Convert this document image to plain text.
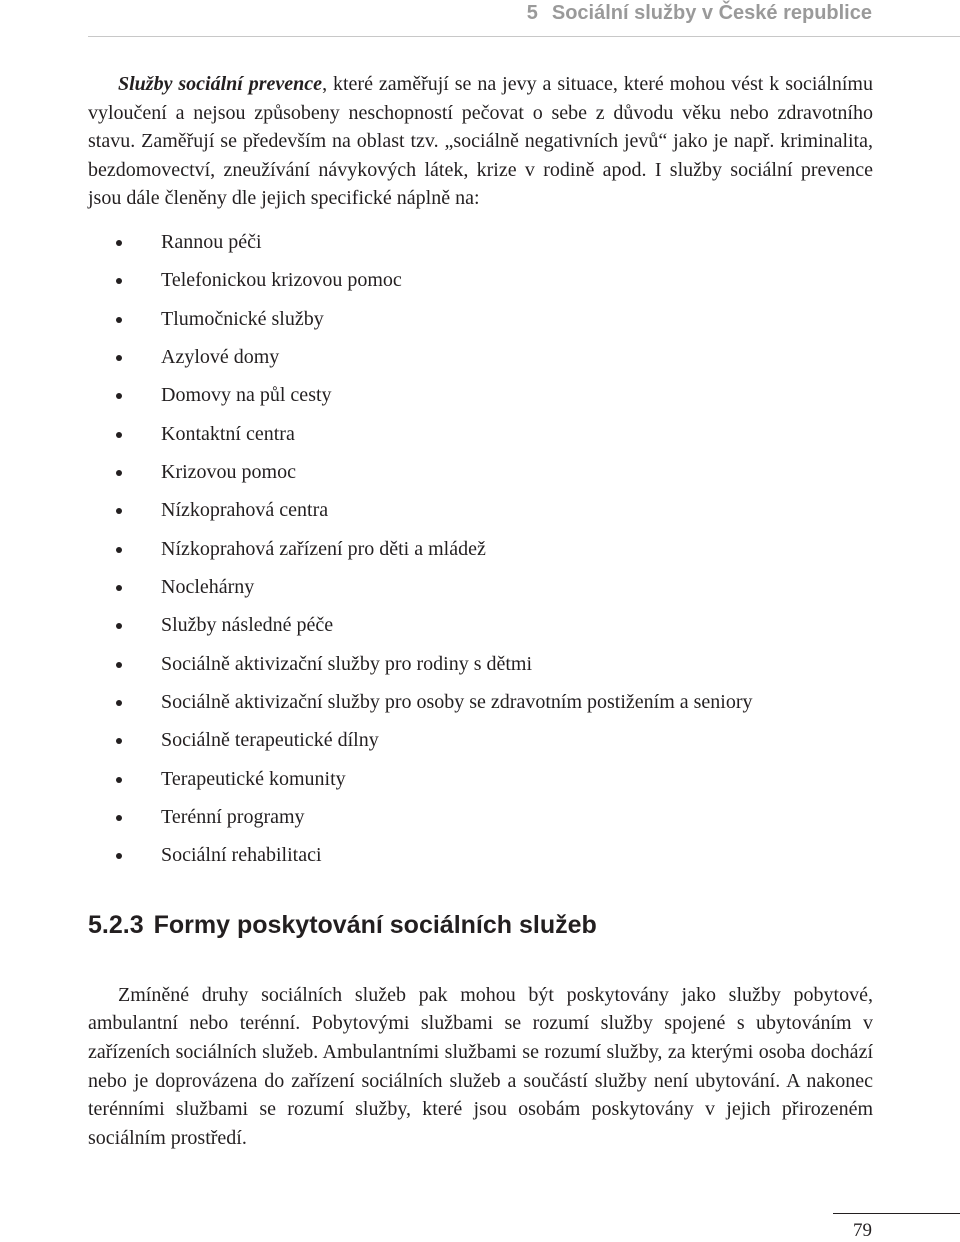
5 Sociální služby v České republice

Služby sociální prevence, které zaměřují se na jevy a situace, které mohou vést k sociálnímu vyloučení a nejsou způsobeny neschopností pečovat o sebe z důvodu věku nebo zdravotního stavu. Zaměřují se především na oblast tzv. „sociálně negativních jevů“ jako je např. kriminalita, bezdomovectví, zneužívání návykových látek, krize v rodině apod. I služby sociální prevence jsou dále členěny dle jejich specifické náplně na:

Rannou péči
Telefonickou krizovou pomoc
Tlumočnické služby
Azylové domy
Domovy na půl cesty
Kontaktní centra
Krizovou pomoc
Nízkoprahová centra
Nízkoprahová zařízení pro děti a mládež
Noclehárny
Služby následné péče
Sociálně aktivizační služby pro rodiny s dětmi
Sociálně aktivizační služby pro osoby se zdravotním postižením a seniory
Sociálně terapeutické dílny
Terapeutické komunity
Terénní programy
Sociální rehabilitaci
5.2.3 Formy poskytování sociálních služeb

Zmíněné druhy sociálních služeb pak mohou být poskytovány jako služby pobytové, ambulantní nebo terénní. Pobytovými službami se rozumí služby spojené s ubytováním v zařízeních sociálních služeb. Ambulantními službami se rozumí služby, za kterými osoba dochází nebo je doprovázena do zařízení sociálních služeb a součástí služby není ubytování. A nakonec terénními službami se rozumí služby, které jsou osobám poskytovány v jejich přirozeném sociálním prostředí.

79
